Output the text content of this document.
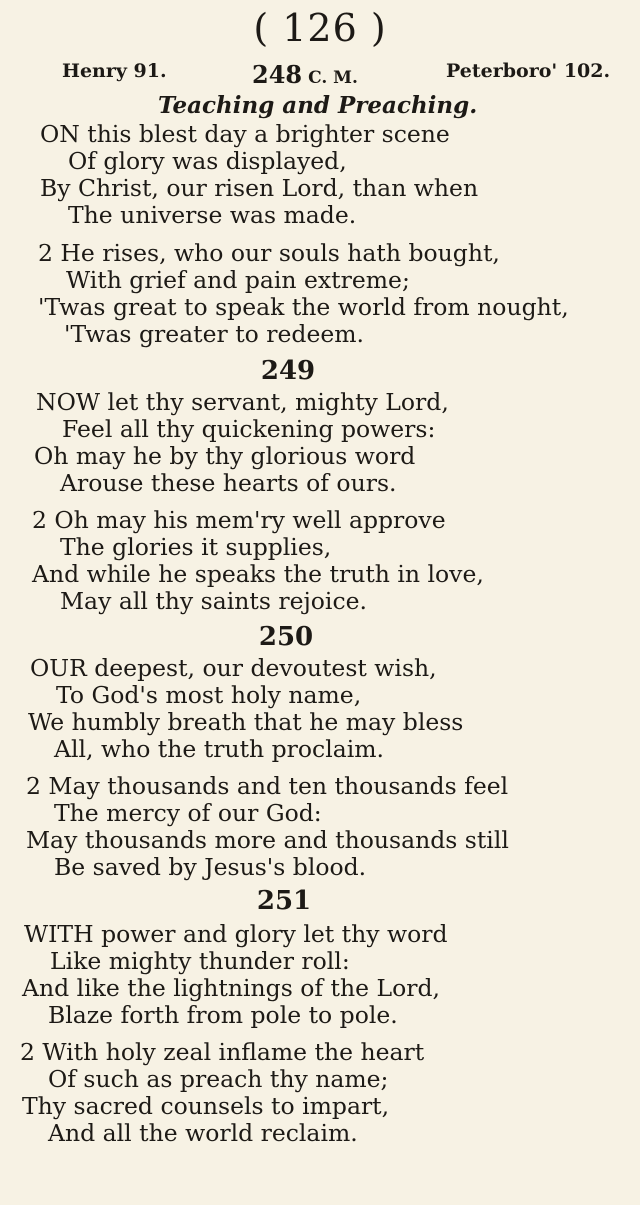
( 126 )
Henry 91.	248 C. M.	Peterboro' 102.
Teaching and Preaching.
ON this blest day a brighter scene
Of glory was displayed,
By Christ, our risen Lord, than when
The universe was made.
2 He rises, who our souls hath bought,
With grief and pain extreme;
'Twas great to speak the world from nought,
'Twas greater to redeem.
249
NOW let thy servant, mighty Lord,
Feel all thy quickening powers:
Oh may he by thy glorious word
Arouse these hearts of ours.
2 Oh may his mem'ry well approve
The glories it supplies,
And while he speaks the truth in love,
May all thy saints rejoice.
250
OUR deepest, our devoutest wish,
To God's most holy name,
We humbly breath that he may bless
All, who the truth proclaim.
2 May thousands and ten thousands feel
The mercy of our God:
May thousands more and thousands still
Be saved by Jesus's blood.
251
WITH power and glory let thy word
Like mighty thunder roll:
And like the lightnings of the Lord,
Blaze forth from pole to pole.
2 With holy zeal inflame the heart
Of such as preach thy name;
Thy sacred counsels to impart,
And all the world reclaim.
